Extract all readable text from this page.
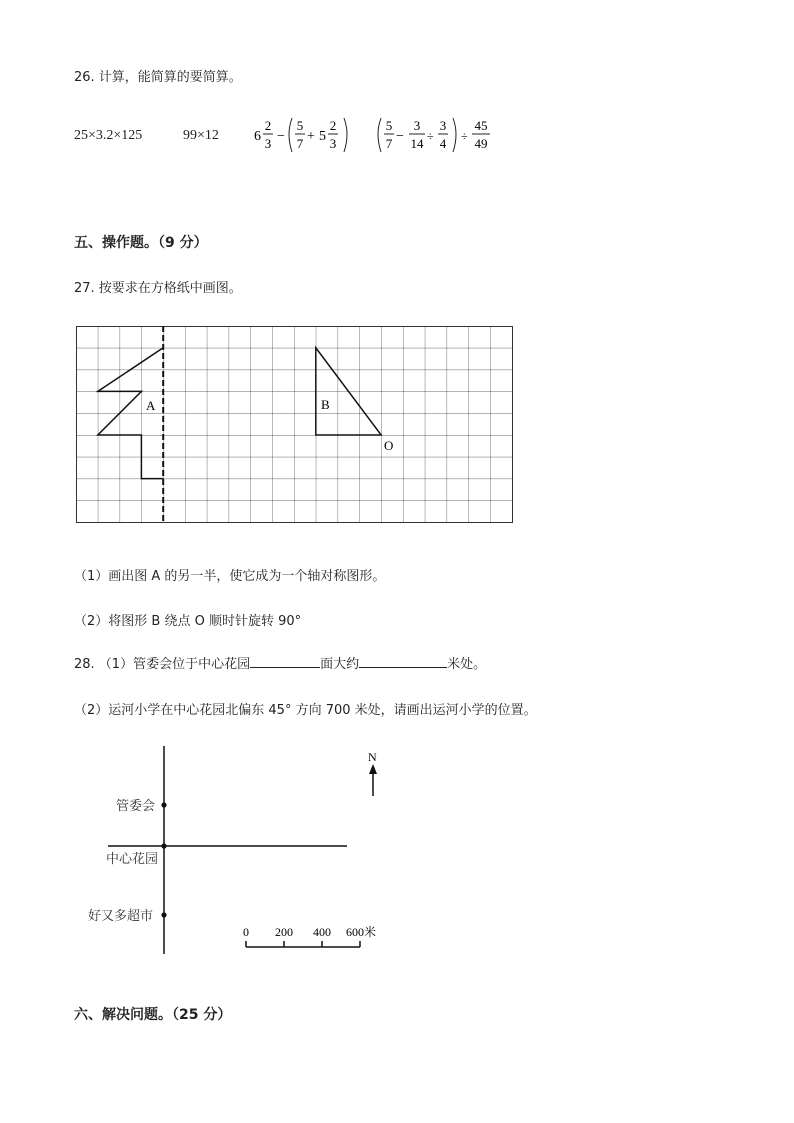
26. 计算，能简算的要简算。
25×3.2×125	99×12	6
2
3 −
5
7 + 5
2
3
5
7 −
3
14 ÷
3
4 ÷
45
49
五、操作题。（9 分）
27. 按要求在方格纸中画图。
A	B
O
（1）画出图 A 的另一半，使它成为一个轴对称图形。
（2）将图形 B 绕点 O 顺时针旋转 90°
28. （1）管委会位于中心花园	面大约	米处。
（2）运河小学在中心花园北偏东 45° 方向 700 米处，请画出运河小学的位置。
管委会
中心花园
好又多超市
N
0 200 400 600米
六、解决问题。（25 分）
